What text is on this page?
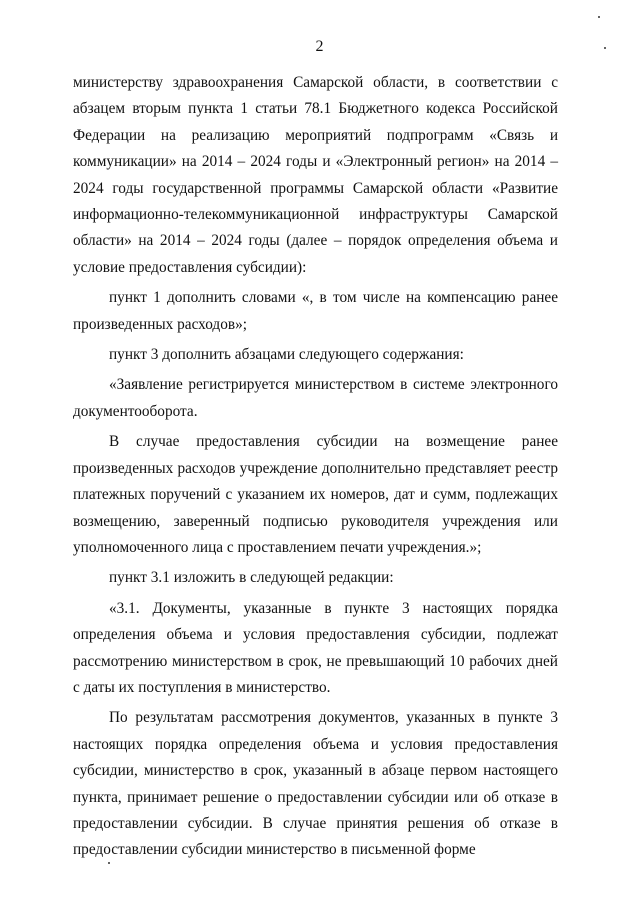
2

министерству здравоохранения Самарской области, в соответствии с абзацем вторым пункта 1 статьи 78.1 Бюджетного кодекса Российской Федерации на реализацию мероприятий подпрограмм «Связь и коммуникации» на 2014 – 2024 годы и «Электронный регион» на 2014 – 2024 годы государственной программы Самарской области «Развитие информационно-телекоммуникационной инфраструктуры Самарской области» на 2014 – 2024 годы (далее – порядок определения объема и условие предоставления субсидии):

пункт 1 дополнить словами «, в том числе на компенсацию ранее произведенных расходов»;

пункт 3 дополнить абзацами следующего содержания:

«Заявление регистрируется министерством в системе электронного документооборота.

В случае предоставления субсидии на возмещение ранее произведенных расходов учреждение дополнительно представляет реестр платежных поручений с указанием их номеров, дат и сумм, подлежащих возмещению, заверенный подписью руководителя учреждения или уполномоченного лица с проставлением печати учреждения.»;

пункт 3.1 изложить в следующей редакции:

«3.1. Документы, указанные в пункте 3 настоящих порядка определения объема и условия предоставления субсидии, подлежат рассмотрению министерством в срок, не превышающий 10 рабочих дней с даты их поступления в министерство.

По результатам рассмотрения документов, указанных в пункте 3 настоящих порядка определения объема и условия предоставления субсидии, министерство в срок, указанный в абзаце первом настоящего пункта, принимает решение о предоставлении субсидии или об отказе в предоставлении субсидии. В случае принятия решения об отказе в предоставлении субсидии министерство в письменной форме
